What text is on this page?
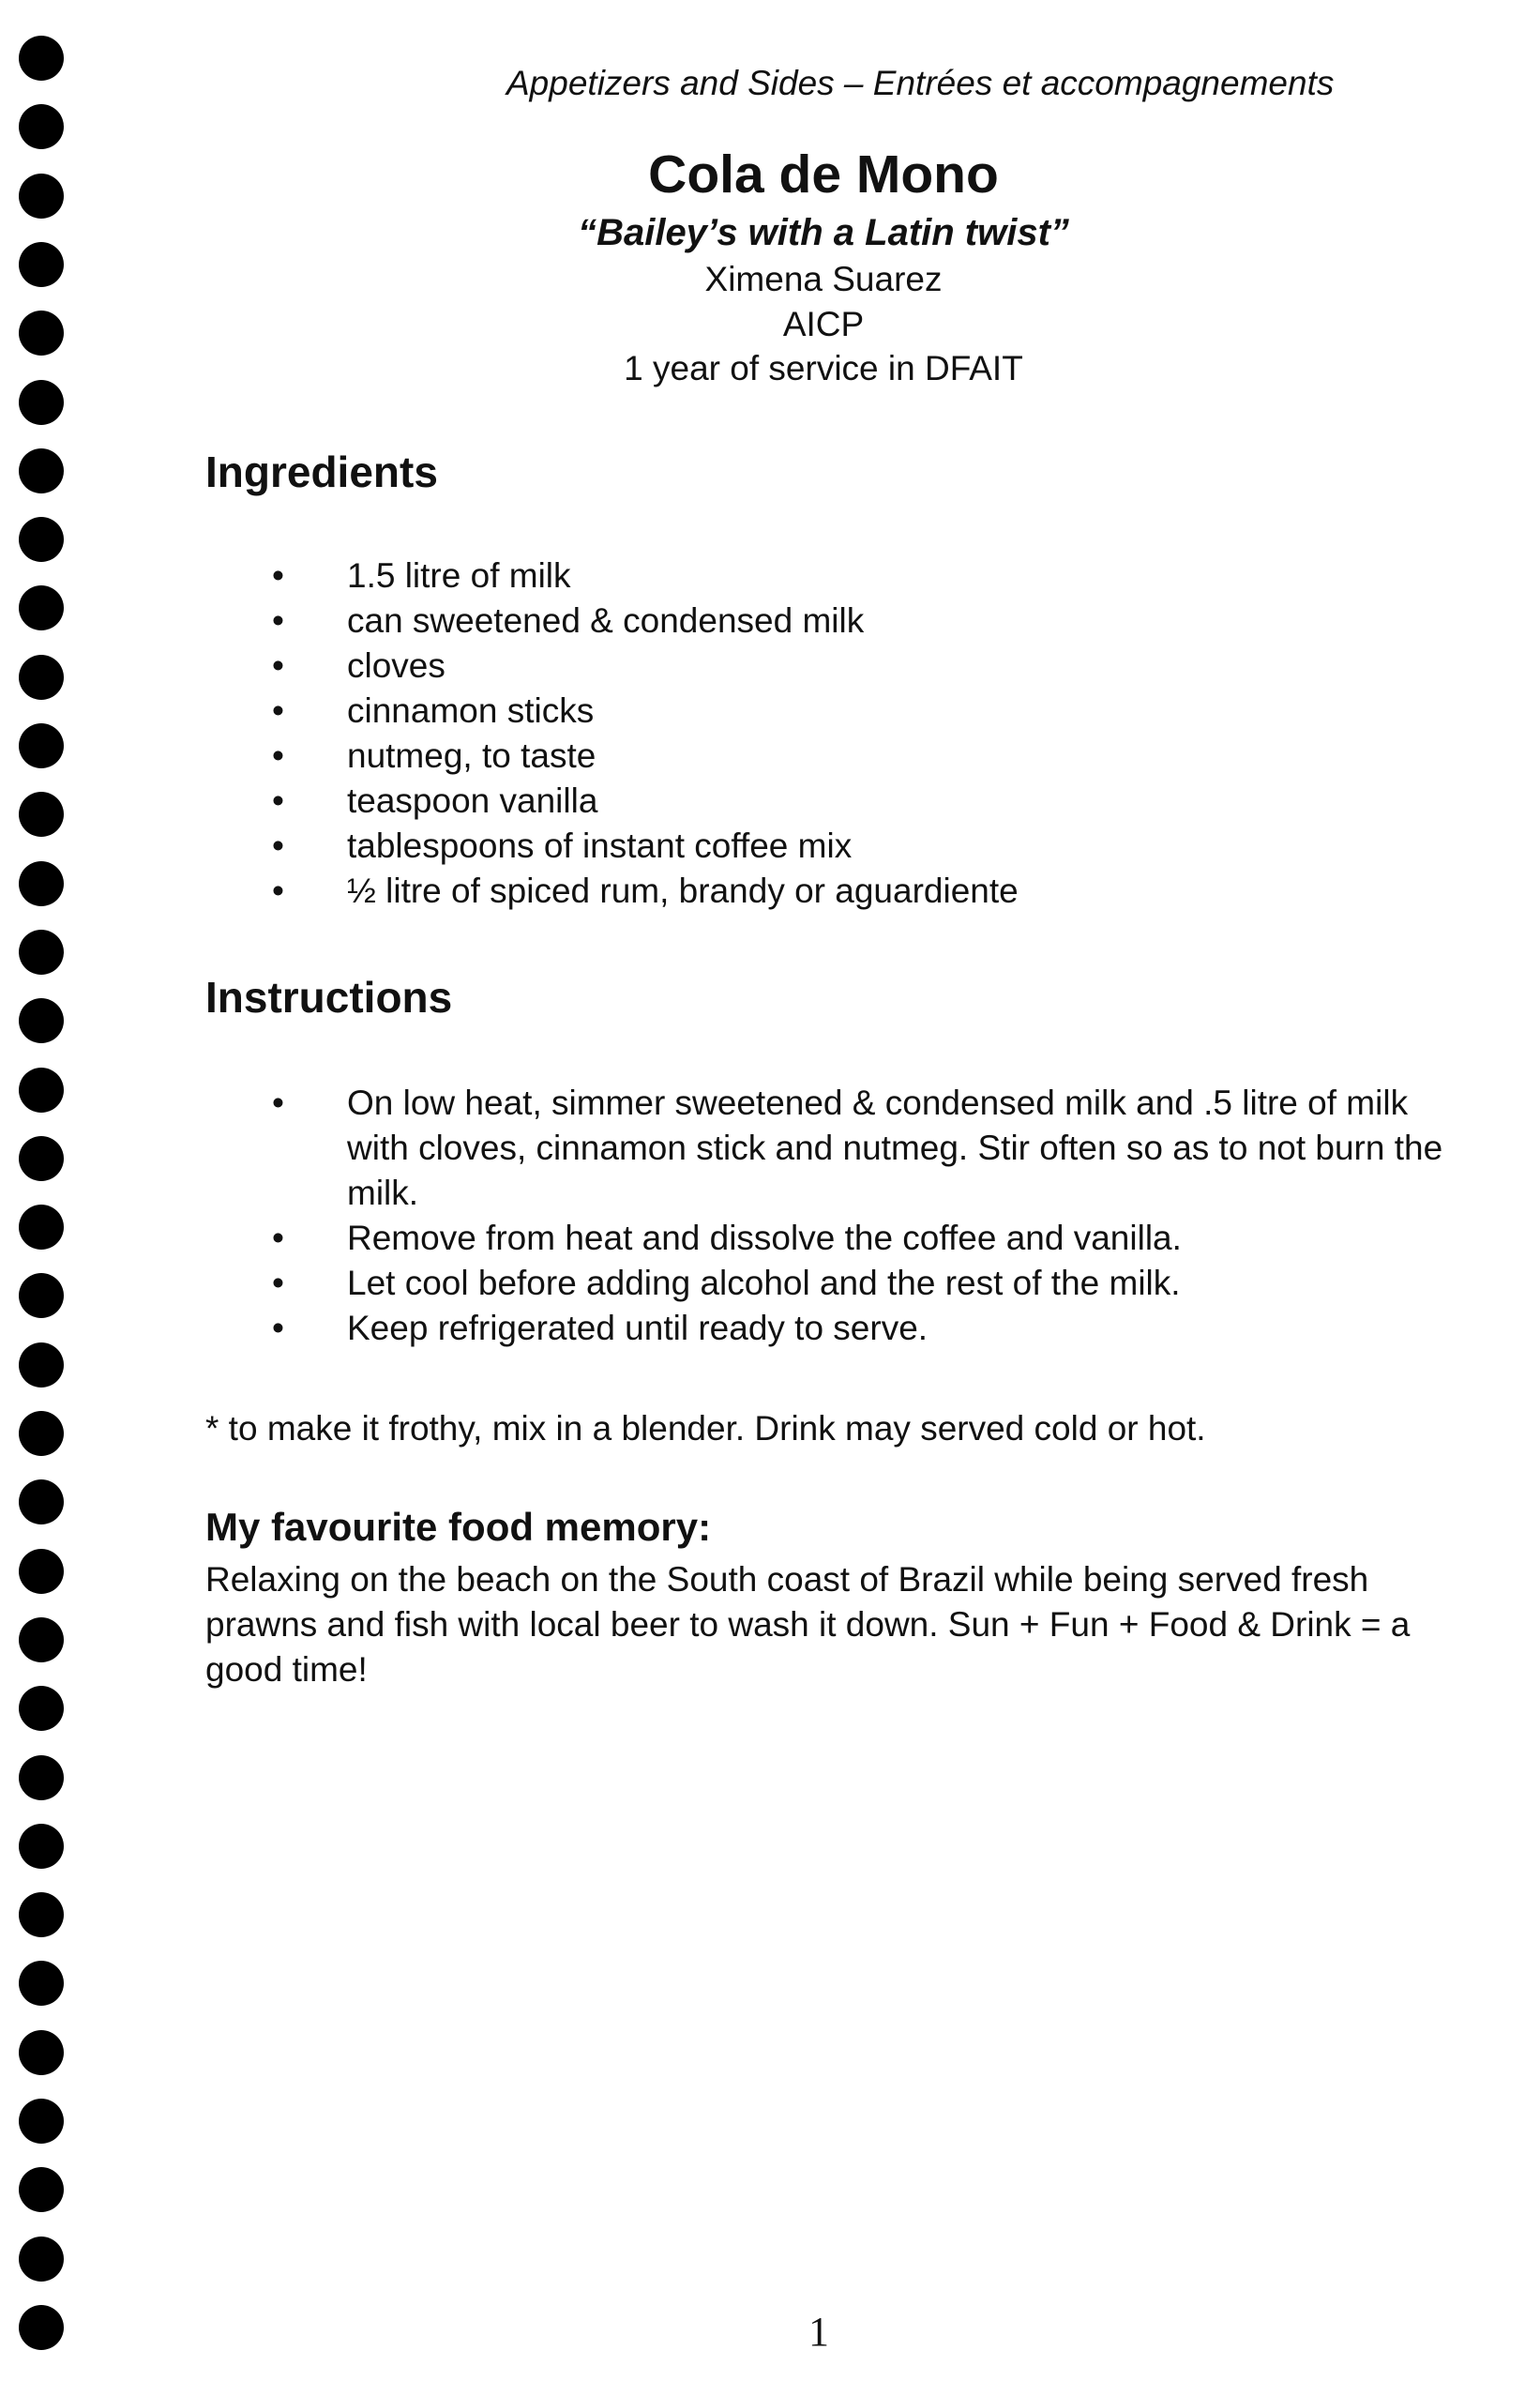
Appetizers and Sides – Entrées et accompagnements
Cola de Mono
“Bailey’s with a Latin twist”
Ximena Suarez
AICP
1 year of service in DFAIT
Ingredients
• 1.5 litre of milk
• can sweetened & condensed milk
• cloves
• cinnamon sticks
• nutmeg, to taste
• teaspoon vanilla
• tablespoons of instant coffee mix
• ½ litre of spiced rum, brandy or aguardiente
Instructions
• On low heat, simmer sweetened & condensed milk and .5 litre of milk with cloves, cinnamon stick and nutmeg. Stir often so as to not burn the milk.
• Remove from heat and dissolve the coffee and vanilla.
• Let cool before adding alcohol and the rest of the milk.
• Keep refrigerated until ready to serve.
* to make it frothy, mix in a blender. Drink may served cold or hot.
My favourite food memory:

Relaxing on the beach on the South coast of Brazil while being served fresh prawns and fish with local beer to wash it down. Sun + Fun + Food & Drink = a good time!

1
